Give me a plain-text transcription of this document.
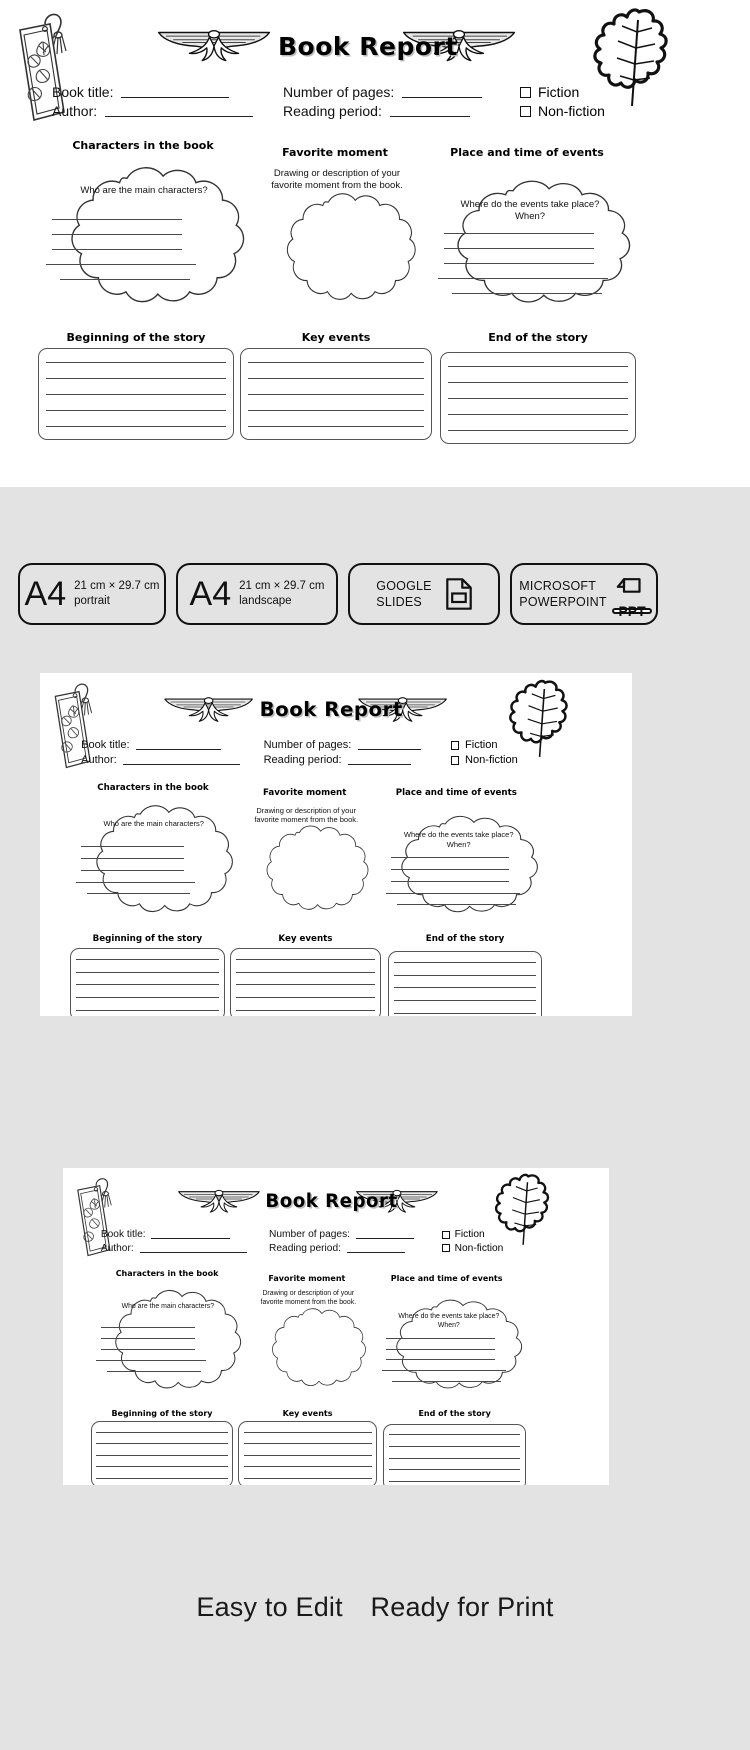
Book Report
Book title:
Author:
Number of pages:
Reading period:
Fiction
Non-fiction
Characters in the book
Who are the main characters?
Favorite moment
Drawing or description of your favorite moment from the book.
Place and time of events
Where do the events take place? When?
Beginning of the story	Key events	End of the story
A4 21 cm × 29.7 cm
portrait	A4 21 cm × 29.7 cm
landscape
GOOGLE
SLIDES
MICROSOFT
POWERPOINT
PPT
Book Report
Book title:
Author:
Number of pages:
Reading period:
Fiction
Non-fiction
Characters in the book
Who are the main characters?
Favorite moment
Drawing or description of your favorite moment from the book.
Place and time of events
Where do the events take place? When?
Beginning of the story	Key events	End of the story
Book Report
Book title:
Author:
Number of pages:
Reading period:
Fiction
Non-fiction
Characters in the book
Who are the main characters?
Favorite moment
Drawing or description of your favorite moment from the book.
Place and time of events
Where do the events take place? When?
Beginning of the story	Key events	End of the story
Easy to Edit Ready for Print
